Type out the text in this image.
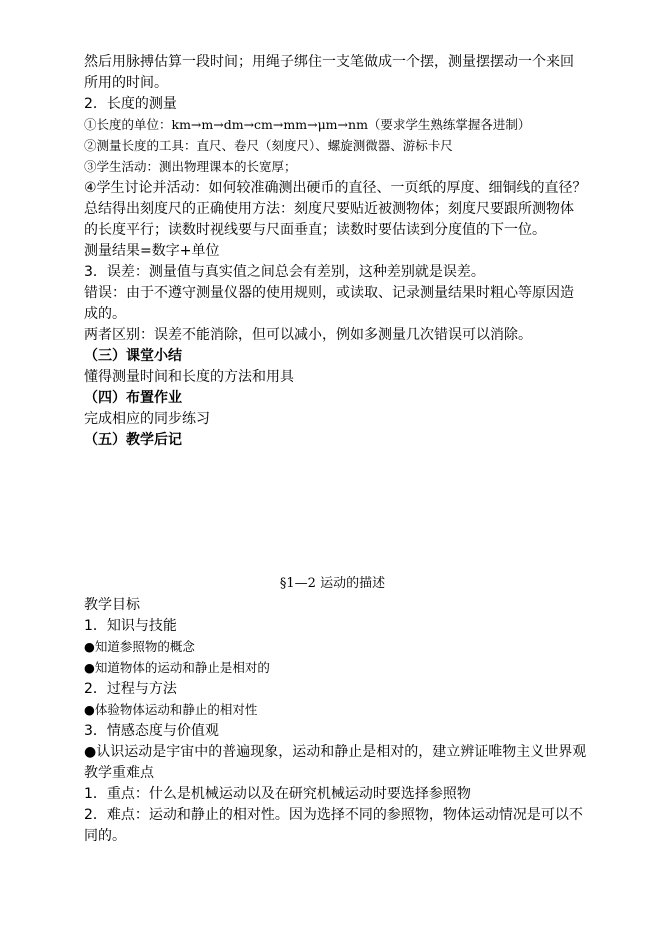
然后用脉搏估算一段时间；用绳子绑住一支笔做成一个摆，测量摆摆动一个来回
所用的时间。
2．长度的测量
①长度的单位：km→m→dm→cm→mm→μm→nm（要求学生熟练掌握各进制）
②测量长度的工具：直尺、卷尺（刻度尺）、螺旋测微器、游标卡尺
③学生活动：测出物理课本的长宽厚；
④学生讨论并活动：如何较准确测出硬币的直径、一页纸的厚度、细铜线的直径？
总结得出刻度尺的正确使用方法：刻度尺要贴近被测物体；刻度尺要跟所测物体
的长度平行；读数时视线要与尺面垂直；读数时要估读到分度值的下一位。
测量结果=数字+单位
3．误差：测量值与真实值之间总会有差别，这种差别就是误差。
错误：由于不遵守测量仪器的使用规则，或读取、记录测量结果时粗心等原因造
成的。
两者区别：误差不能消除，但可以减小，例如多测量几次错误可以消除。
（三）课堂小结
懂得测量时间和长度的方法和用具
（四）布置作业
完成相应的同步练习
（五）教学后记
§1—2 运动的描述
教学目标
1．知识与技能
●知道参照物的概念
●知道物体的运动和静止是相对的
2．过程与方法
●体验物体运动和静止的相对性
3．情感态度与价值观
●认识运动是宇宙中的普遍现象，运动和静止是相对的，建立辨证唯物主义世界观
教学重难点
1．重点：什么是机械运动以及在研究机械运动时要选择参照物
2．难点：运动和静止的相对性。因为选择不同的参照物，物体运动情况是可以不
同的。
